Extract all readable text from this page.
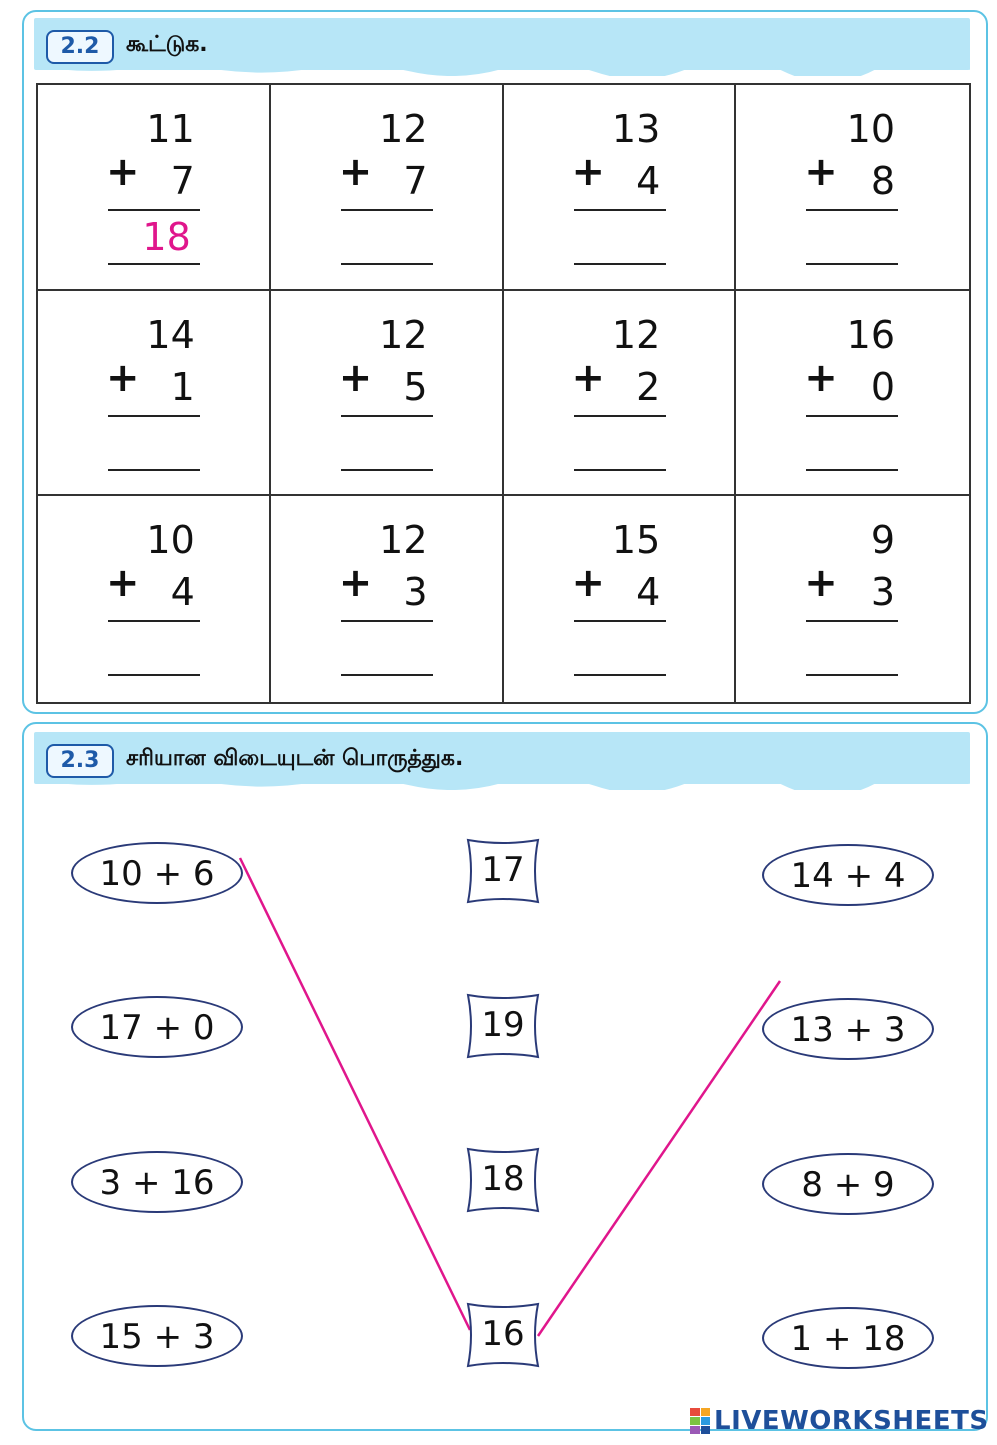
2.2	கூட்டுக.
11
+ 7
18
12
+ 7
13
+ 4
10
+ 8
14
+ 1
12
+ 5
12
+ 2
16
+ 0
10
+ 4
12
+ 3
15
+ 4
9
+ 3
2.3	சரியான விடையுடன் பொருத்துக.
10 + 6
17 + 0
3 + 16
15 + 3
14 + 4
13 + 3
8 + 9
1 + 18
17
19
18
16
LIVEWORKSHEETS
